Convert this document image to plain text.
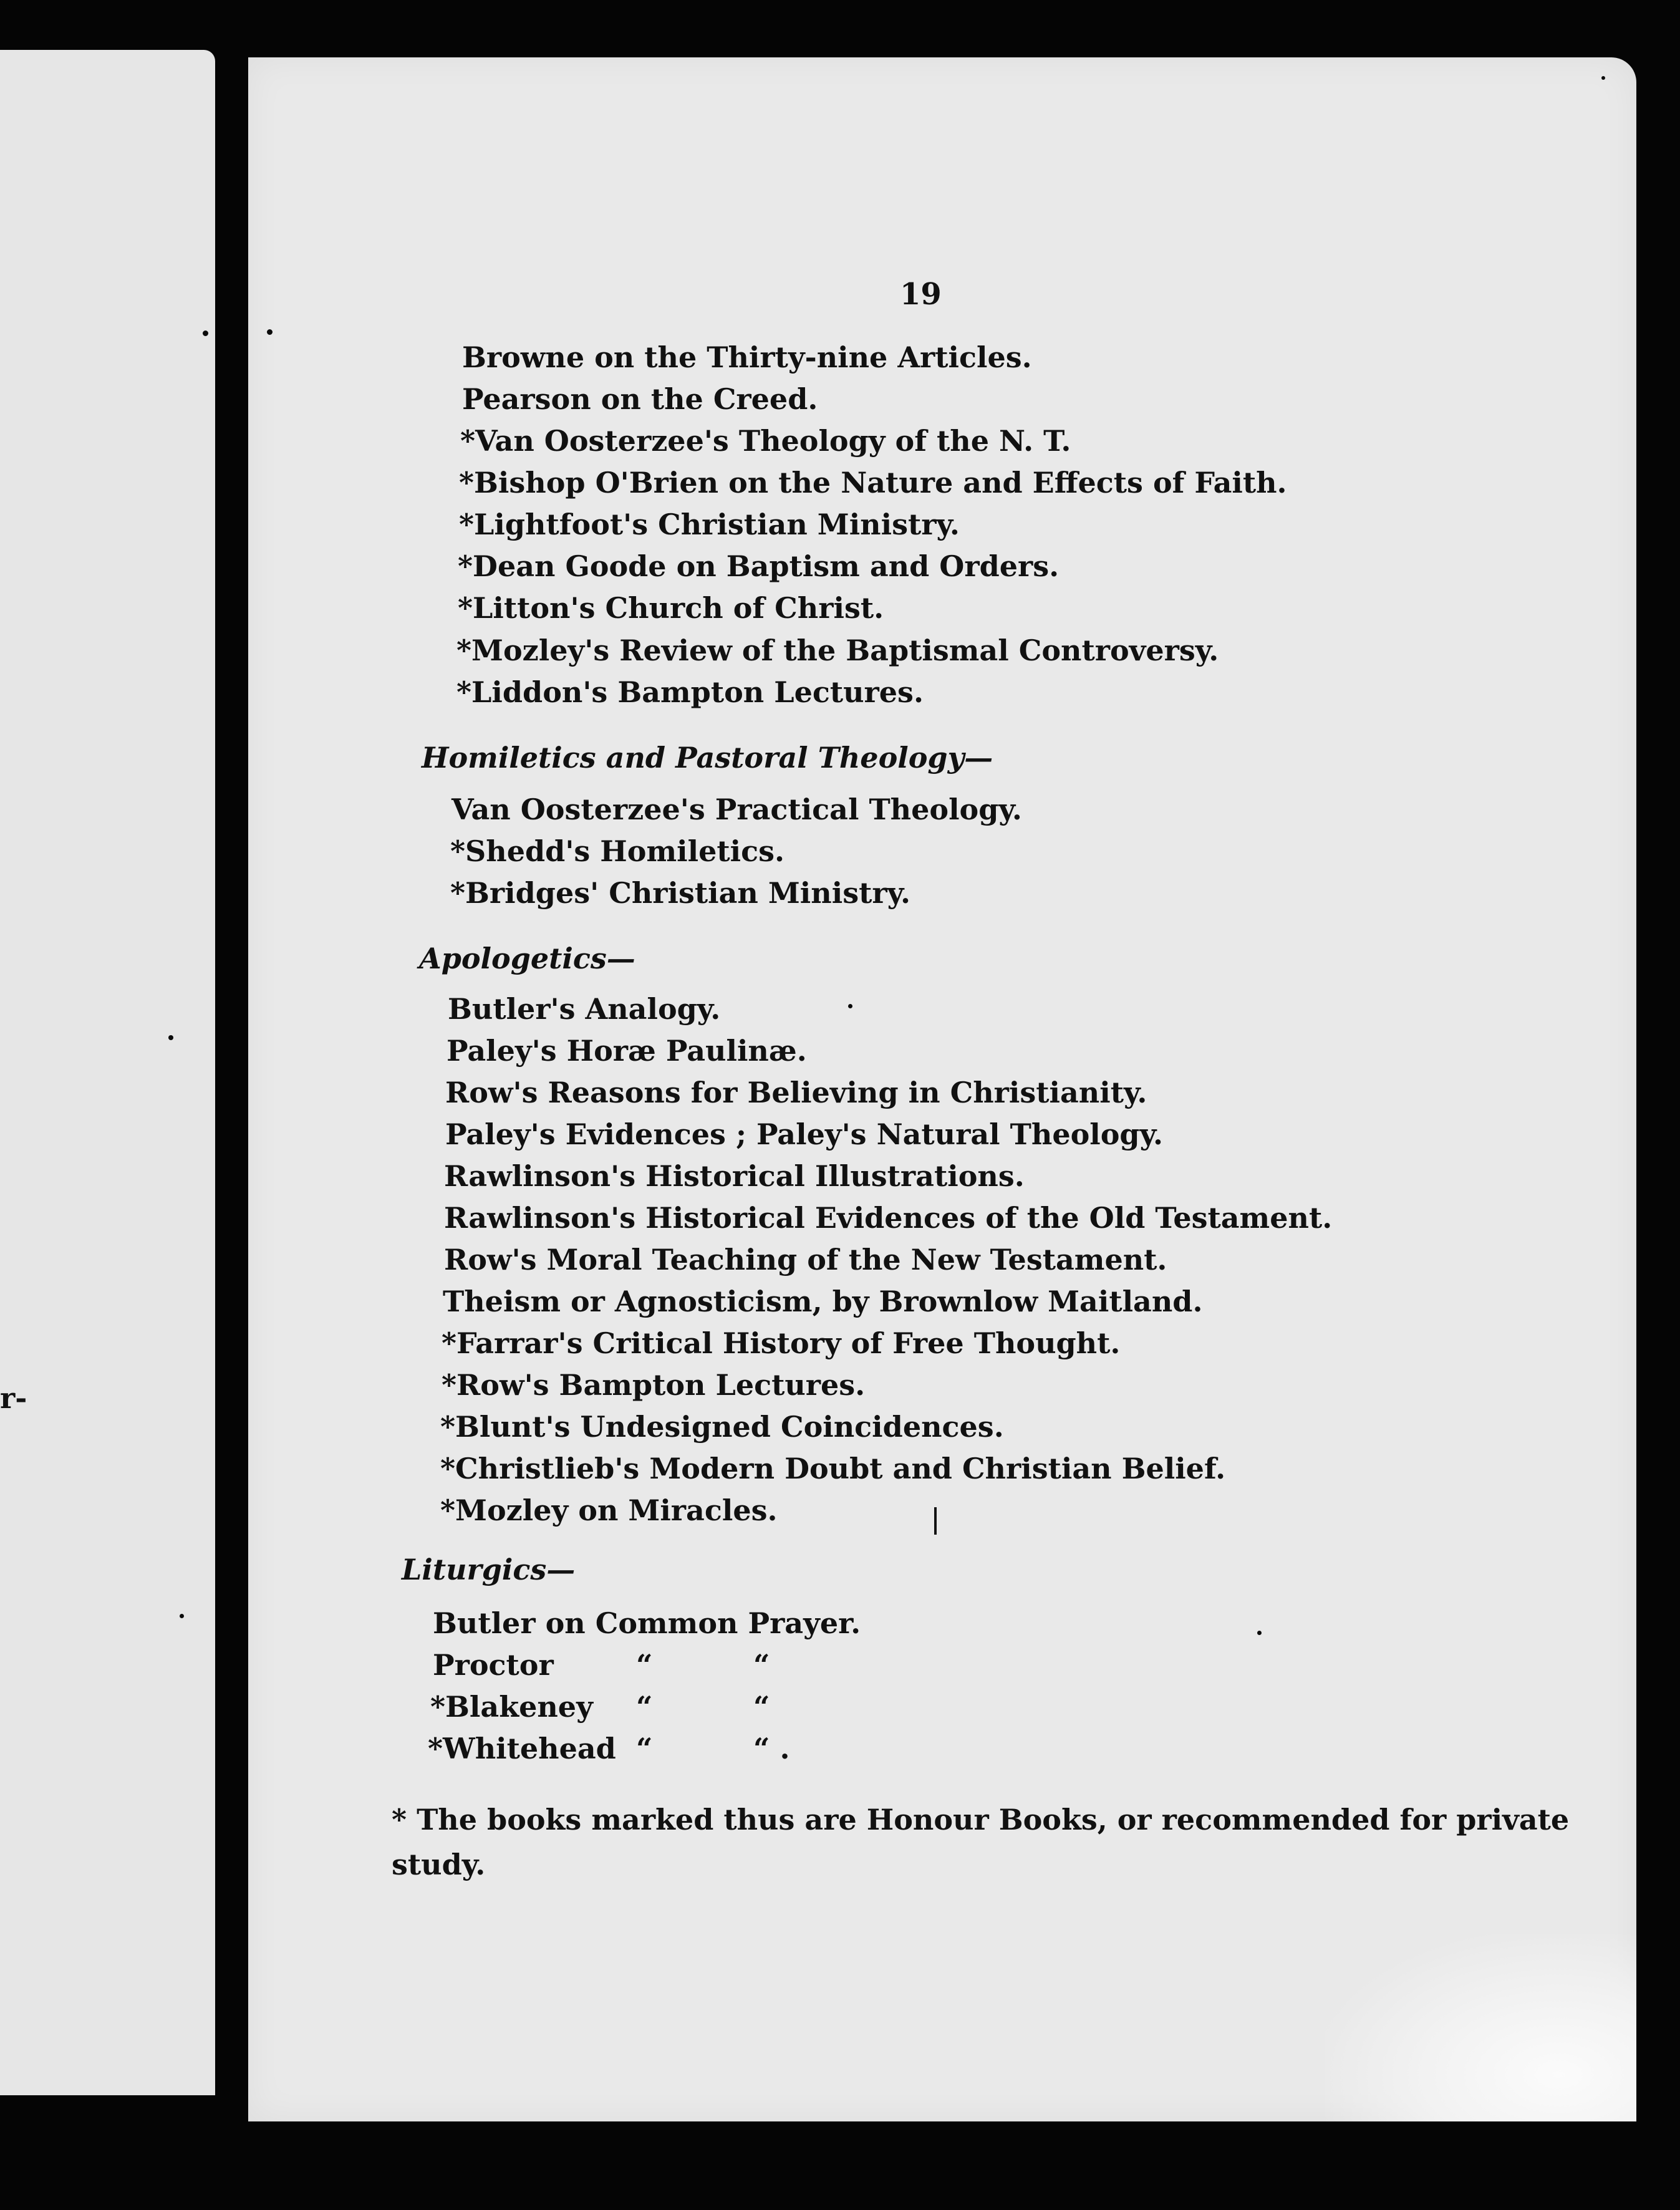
r-
19
Browne on the Thirty-nine Articles.
Pearson on the Creed.
*Van Oosterzee's Theology of the N. T.
*Bishop O'Brien on the Nature and Effects of Faith.
*Lightfoot's Christian Ministry.
*Dean Goode on Baptism and Orders.
*Litton's Church of Christ.
*Mozley's Review of the Baptismal Controversy.
*Liddon's Bampton Lectures.
Homiletics and Pastoral Theology—
Van Oosterzee's Practical Theology.
*Shedd's Homiletics.
*Bridges' Christian Ministry.
Apologetics—
Butler's Analogy.
Paley's Horæ Paulinæ.
Row's Reasons for Believing in Christianity.
Paley's Evidences ; Paley's Natural Theology.
Rawlinson's Historical Illustrations.
Rawlinson's Historical Evidences of the Old Testament.
Row's Moral Teaching of the New Testament.
Theism or Agnosticism, by Brownlow Maitland.
*Farrar's Critical History of Free Thought.
*Row's Bampton Lectures.
*Blunt's Undesigned Coincidences.
*Christlieb's Modern Doubt and Christian Belief.
*Mozley on Miracles.
Liturgics—
Butler on Common Prayer.
Proctor	“	“
*Blakeney “	“
*Whitehead “	“ .
* The books marked thus are Honour Books, or recommended for private study.
